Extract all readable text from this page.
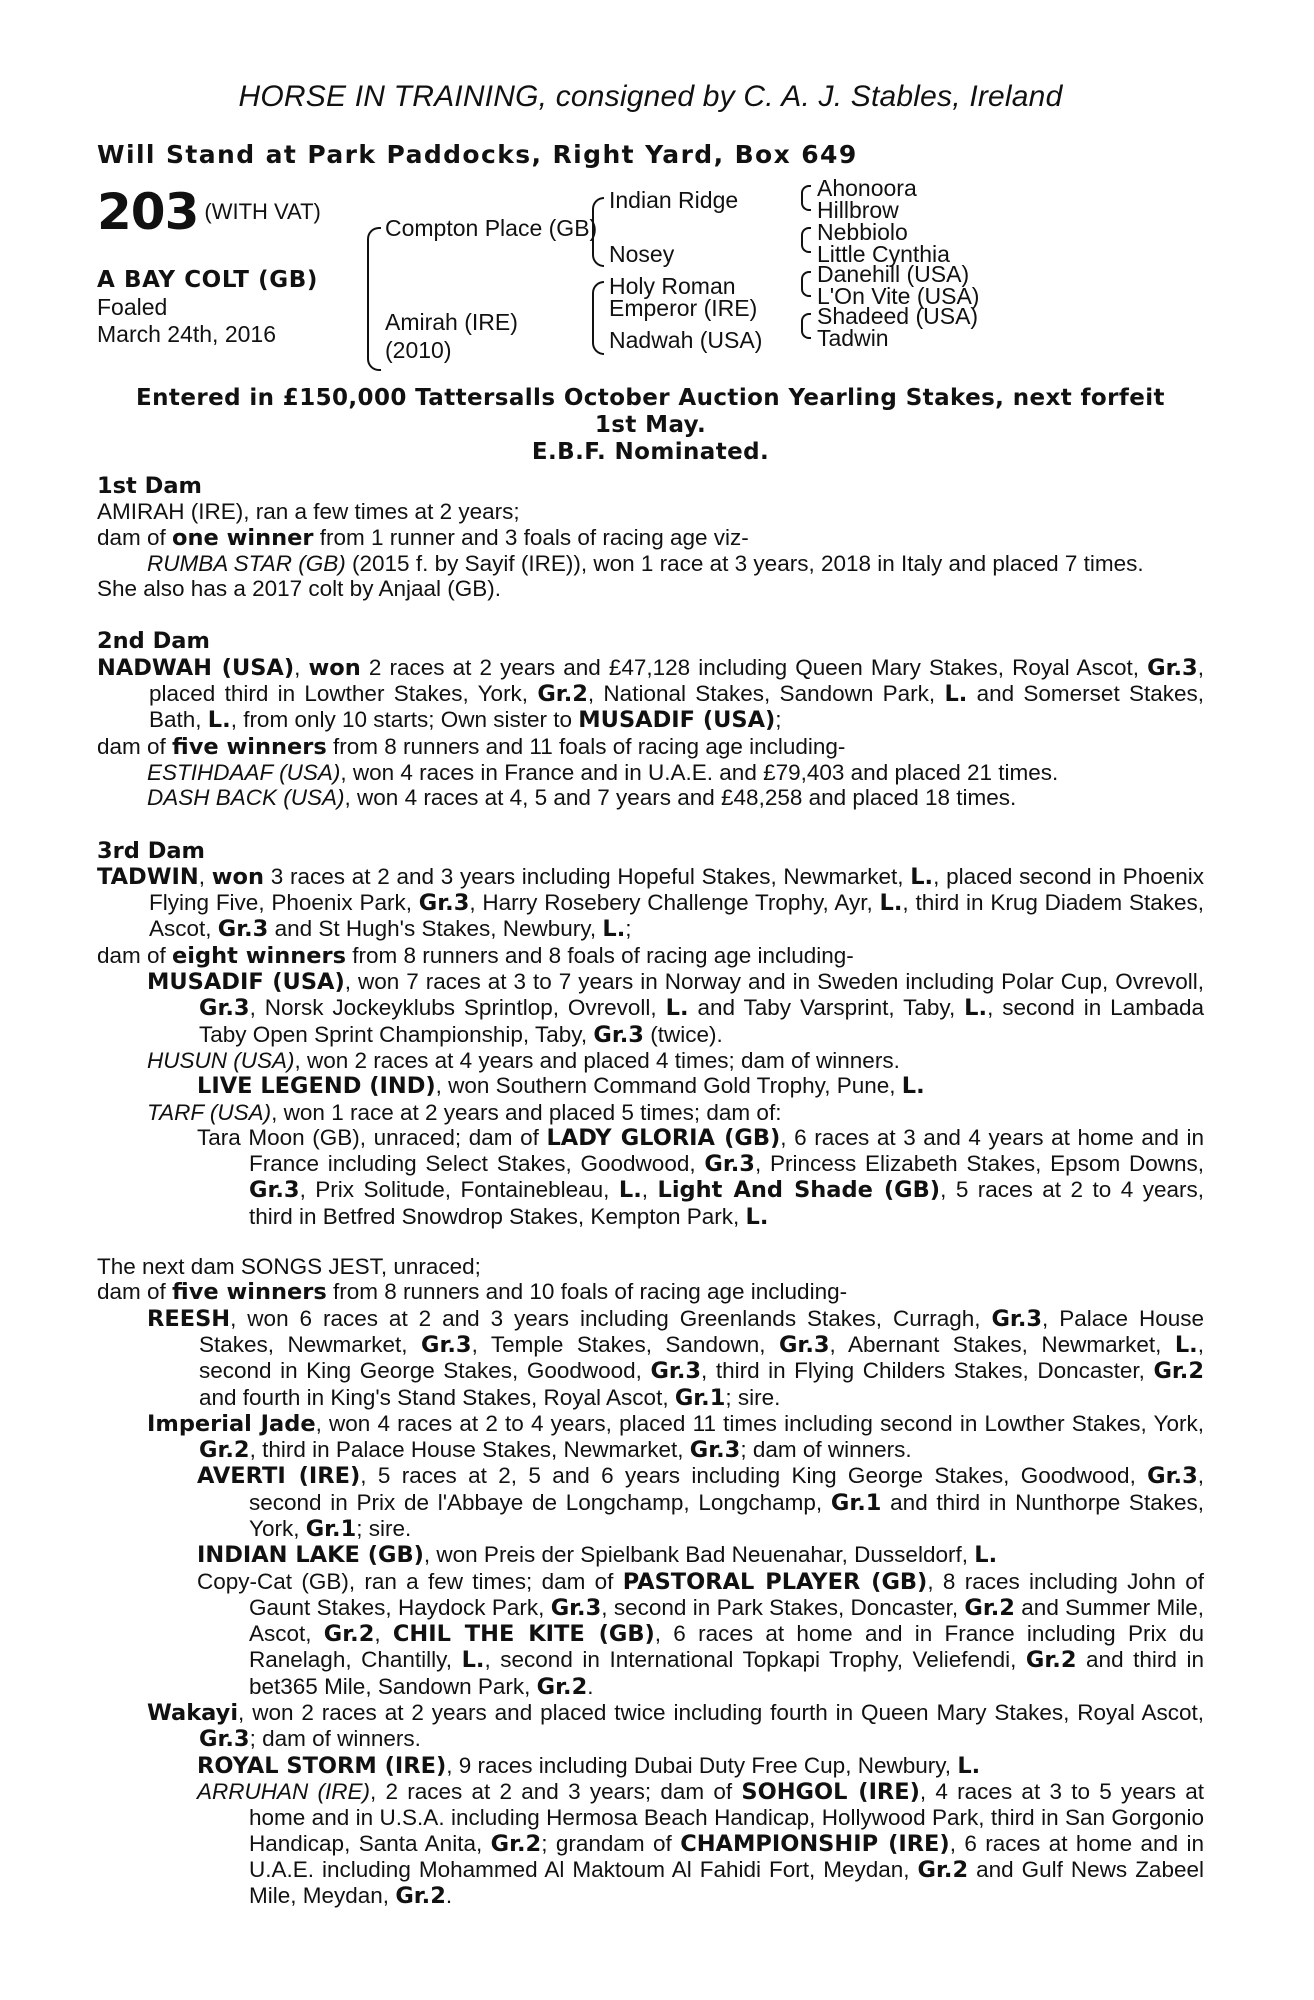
HORSE IN TRAINING, consigned by C. A. J. Stables, Ireland
Will Stand at Park Paddocks, Right Yard, Box 649
203 (WITH VAT)
A BAY COLT (GB)
Foaled
March 24th, 2016
Compton Place (GB)
Amirah (IRE)
(2010)
Indian Ridge
Nosey
Holy Roman
Emperor (IRE)
Nadwah (USA)
Ahonoora
Hillbrow
Nebbiolo
Little Cynthia
Danehill (USA)
L'On Vite (USA)
Shadeed (USA)
Tadwin
Entered in £150,000 Tattersalls October Auction Yearling Stakes, next forfeit
1st May.
E.B.F. Nominated.
1st Dam

AMIRAH (IRE), ran a few times at 2 years;

dam of one winner from 1 runner and 3 foals of racing age viz-

RUMBA STAR (GB) (2015 f. by Sayif (IRE)), won 1 race at 3 years, 2018 in Italy and placed 7 times.

She also has a 2017 colt by Anjaal (GB).

2nd Dam

NADWAH (USA), won 2 races at 2 years and £47,128 including Queen Mary Stakes, Royal Ascot, Gr.3, placed third in Lowther Stakes, York, Gr.2, National Stakes, Sandown Park, L. and Somerset Stakes, Bath, L., from only 10 starts; Own sister to MUSADIF (USA);

dam of five winners from 8 runners and 11 foals of racing age including-

ESTIHDAAF (USA), won 4 races in France and in U.A.E. and £79,403 and placed 21 times.

DASH BACK (USA), won 4 races at 4, 5 and 7 years and £48,258 and placed 18 times.

3rd Dam

TADWIN, won 3 races at 2 and 3 years including Hopeful Stakes, Newmarket, L., placed second in Phoenix Flying Five, Phoenix Park, Gr.3, Harry Rosebery Challenge Trophy, Ayr, L., third in Krug Diadem Stakes, Ascot, Gr.3 and St Hugh's Stakes, Newbury, L.;

dam of eight winners from 8 runners and 8 foals of racing age including-

MUSADIF (USA), won 7 races at 3 to 7 years in Norway and in Sweden including Polar Cup, Ovrevoll, Gr.3, Norsk Jockeyklubs Sprintlop, Ovrevoll, L. and Taby Varsprint, Taby, L., second in Lambada Taby Open Sprint Championship, Taby, Gr.3 (twice).

HUSUN (USA), won 2 races at 4 years and placed 4 times; dam of winners.

LIVE LEGEND (IND), won Southern Command Gold Trophy, Pune, L.

TARF (USA), won 1 race at 2 years and placed 5 times; dam of:

Tara Moon (GB), unraced; dam of LADY GLORIA (GB), 6 races at 3 and 4 years at home and in France including Select Stakes, Goodwood, Gr.3, Princess Elizabeth Stakes, Epsom Downs, Gr.3, Prix Solitude, Fontainebleau, L., Light And Shade (GB), 5 races at 2 to 4 years, third in Betfred Snowdrop Stakes, Kempton Park, L.

The next dam SONGS JEST, unraced;

dam of five winners from 8 runners and 10 foals of racing age including-

REESH, won 6 races at 2 and 3 years including Greenlands Stakes, Curragh, Gr.3, Palace House Stakes, Newmarket, Gr.3, Temple Stakes, Sandown, Gr.3, Abernant Stakes, Newmarket, L., second in King George Stakes, Goodwood, Gr.3, third in Flying Childers Stakes, Doncaster, Gr.2 and fourth in King's Stand Stakes, Royal Ascot, Gr.1; sire.

Imperial Jade, won 4 races at 2 to 4 years, placed 11 times including second in Lowther Stakes, York, Gr.2, third in Palace House Stakes, Newmarket, Gr.3; dam of winners.

AVERTI (IRE), 5 races at 2, 5 and 6 years including King George Stakes, Goodwood, Gr.3, second in Prix de l'Abbaye de Longchamp, Longchamp, Gr.1 and third in Nunthorpe Stakes, York, Gr.1; sire.

INDIAN LAKE (GB), won Preis der Spielbank Bad Neuenahar, Dusseldorf, L.

Copy-Cat (GB), ran a few times; dam of PASTORAL PLAYER (GB), 8 races including John of Gaunt Stakes, Haydock Park, Gr.3, second in Park Stakes, Doncaster, Gr.2 and Summer Mile, Ascot, Gr.2, CHIL THE KITE (GB), 6 races at home and in France including Prix du Ranelagh, Chantilly, L., second in International Topkapi Trophy, Veliefendi, Gr.2 and third in bet365 Mile, Sandown Park, Gr.2.

Wakayi, won 2 races at 2 years and placed twice including fourth in Queen Mary Stakes, Royal Ascot, Gr.3; dam of winners.

ROYAL STORM (IRE), 9 races including Dubai Duty Free Cup, Newbury, L.

ARRUHAN (IRE), 2 races at 2 and 3 years; dam of SOHGOL (IRE), 4 races at 3 to 5 years at home and in U.S.A. including Hermosa Beach Handicap, Hollywood Park, third in San Gorgonio Handicap, Santa Anita, Gr.2; grandam of CHAMPIONSHIP (IRE), 6 races at home and in U.A.E. including Mohammed Al Maktoum Al Fahidi Fort, Meydan, Gr.2 and Gulf News Zabeel Mile, Meydan, Gr.2.
